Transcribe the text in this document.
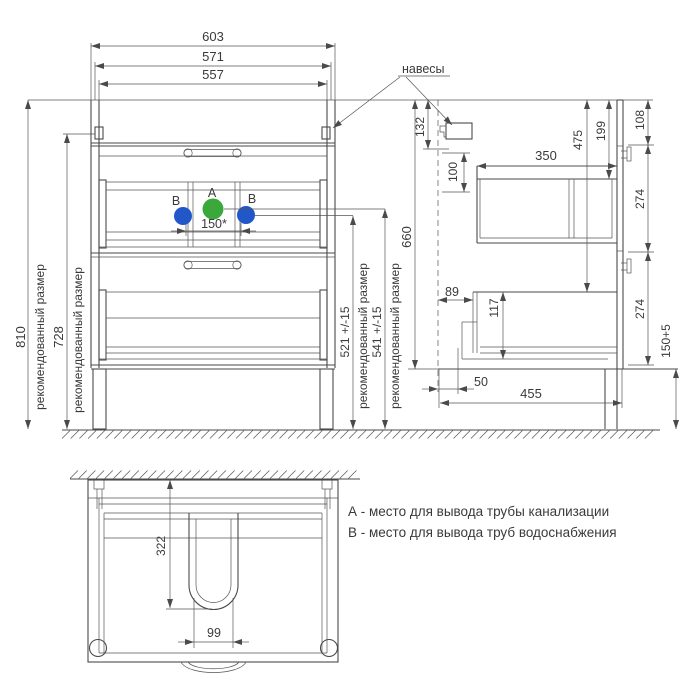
603
571
557
A
B	B
150*
810 рекомендованный размер 728 рекомендованный размер	521 +/-15 рекомендованный размер 541 +/-15 рекомендованный размер
660
навесы
132
100
350
199
475
108
274
274
89
117
150+5
50
455
322
99
А - место для вывода трубы канализации
В - место для вывода труб водоснабжения
